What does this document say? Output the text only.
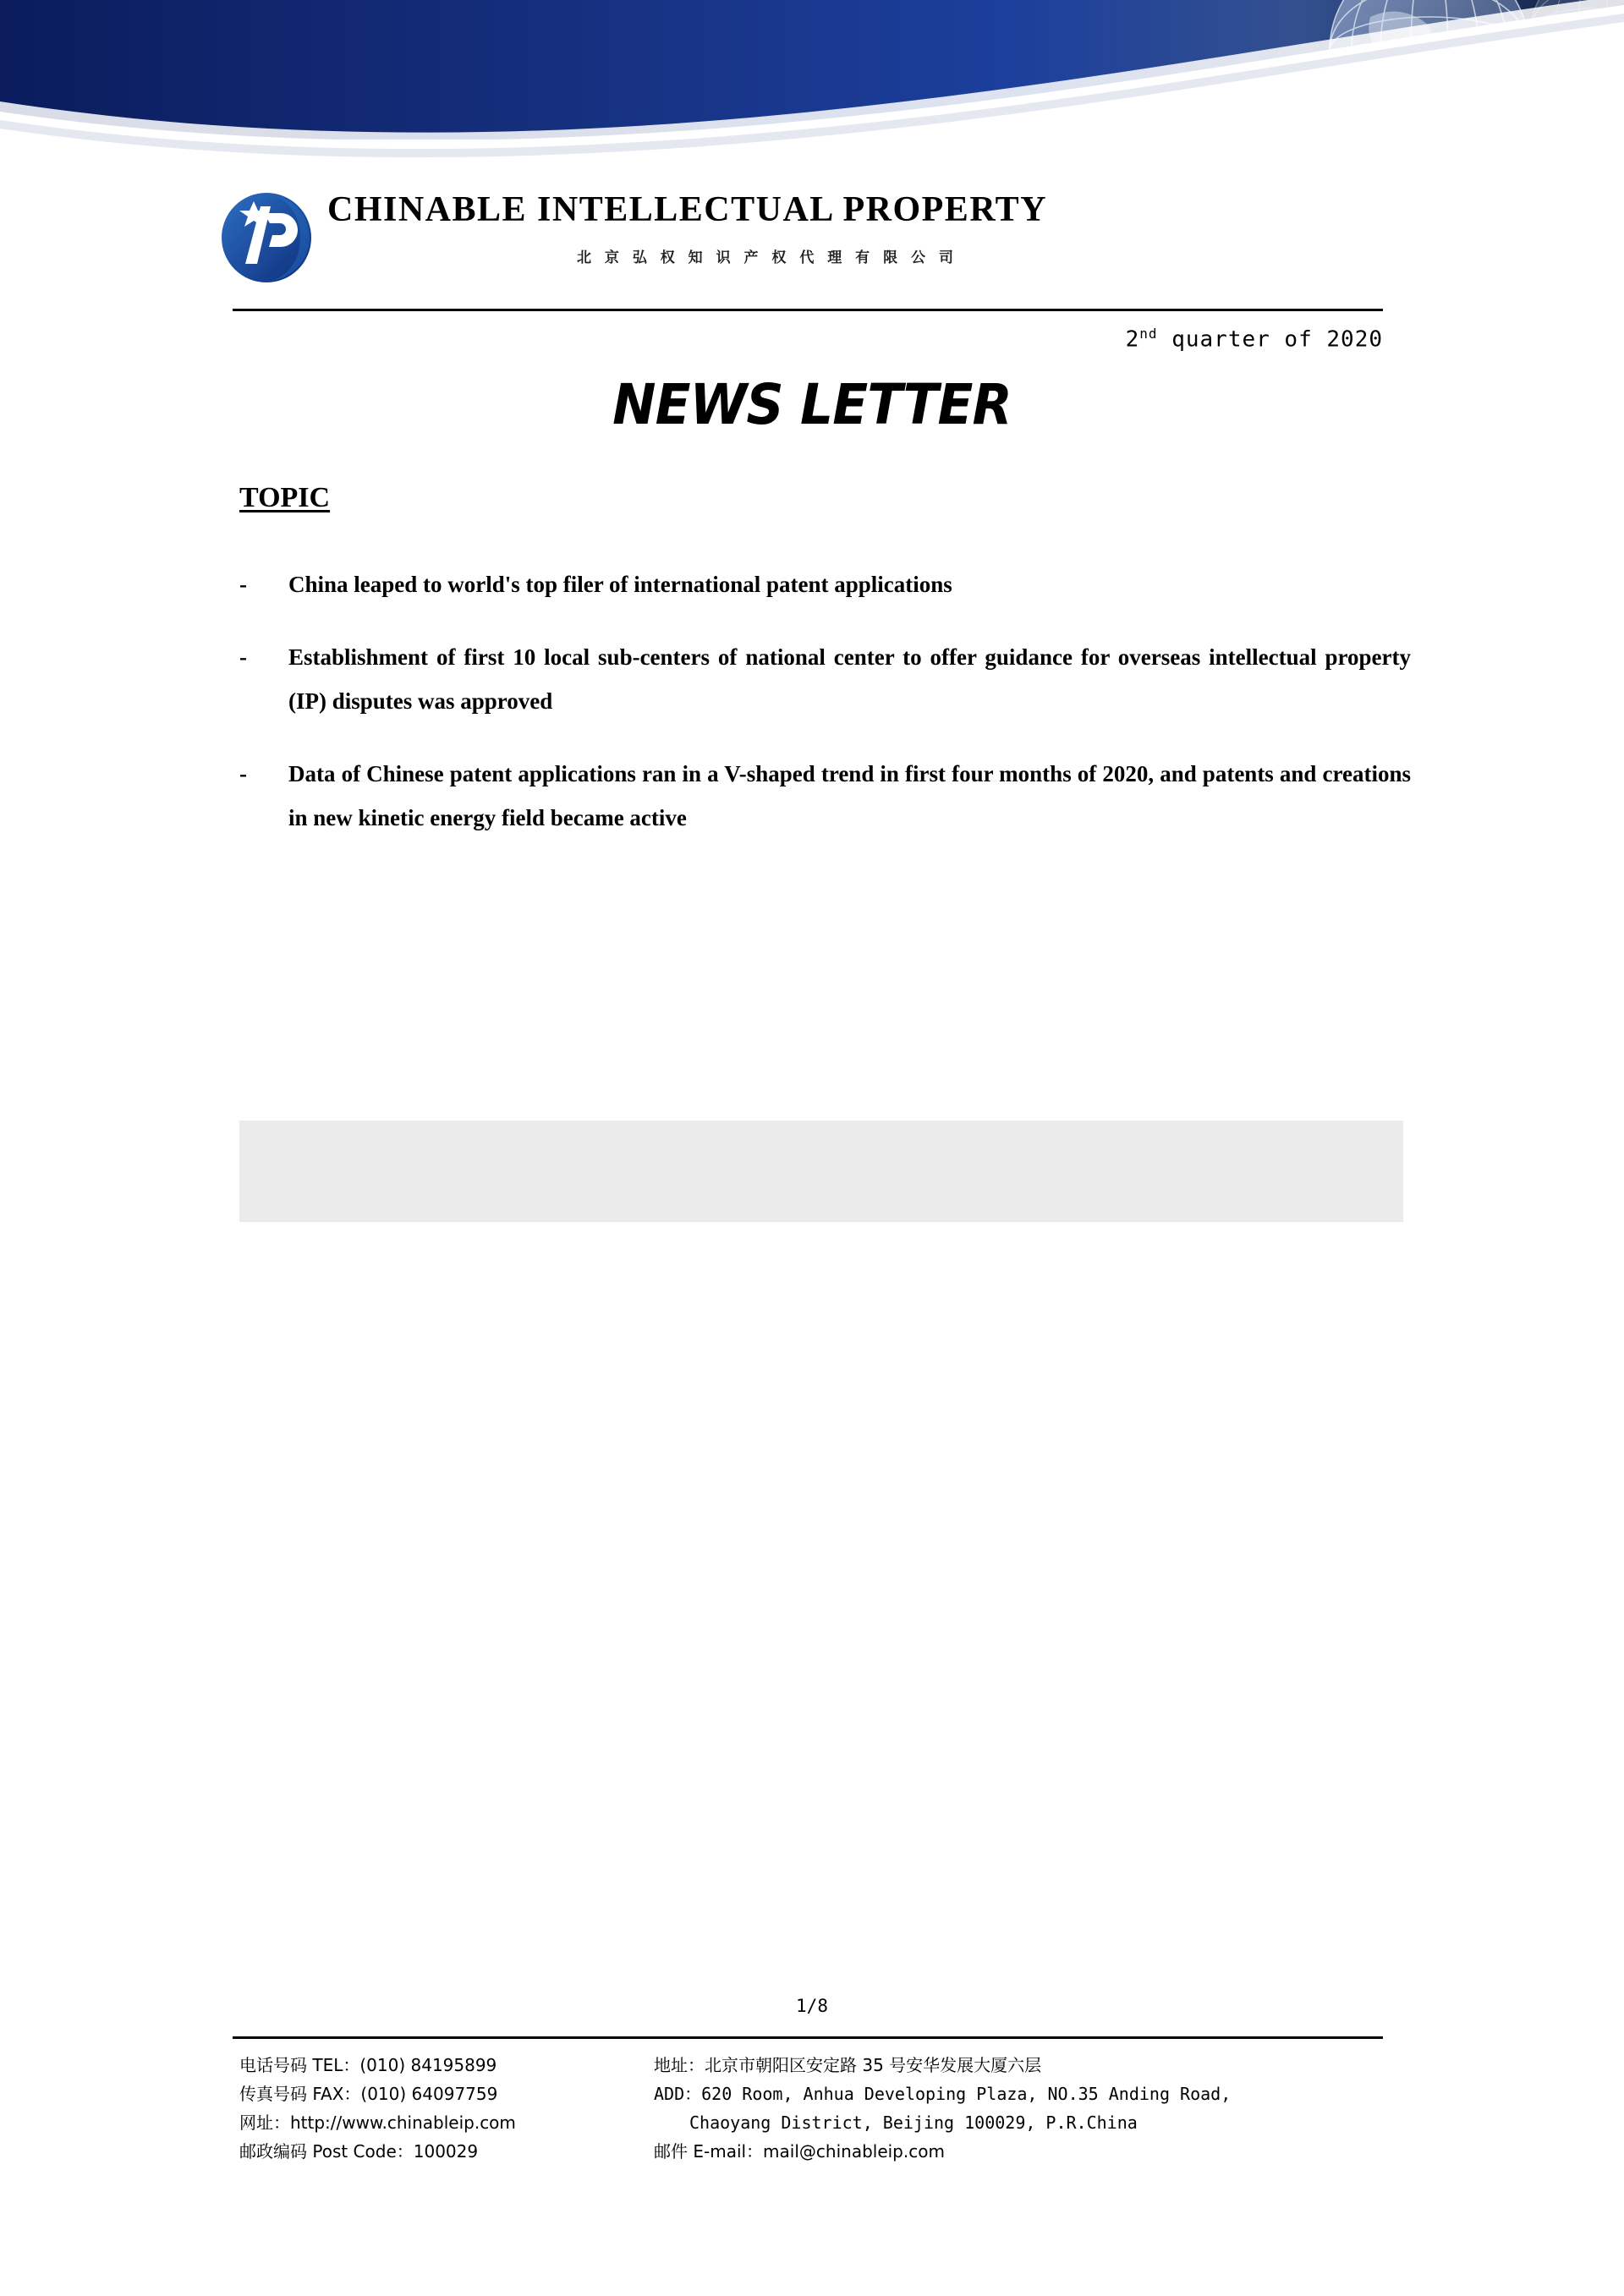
CHINABLE INTELLECTUAL PROPERTY
北 京 弘 权 知 识 产 权 代 理 有 限 公 司
2nd quarter of 2020
NEWS LETTER
TOPIC
-	China leaped to world's top filer of international patent applications
-	Establishment of first 10 local sub-centers of national center to offer guidance for overseas intellectual property (IP) disputes was approved
-	Data of Chinese patent applications ran in a V-shaped trend in first four months of 2020, and patents and creations in new kinetic energy field became active
1/8
电话号码 TEL：(010) 84195899	地址：北京市朝阳区安定路 35 号安华发展大厦六层
传真号码 FAX：(010) 64097759	ADD：620 Room, Anhua Developing Plaza, NO.35 Anding Road,
网址：http://www.chinableip.com	Chaoyang District, Beijing 100029, P.R.China
邮政编码 Post Code：100029	邮件 E-mail：mail@chinableip.com
